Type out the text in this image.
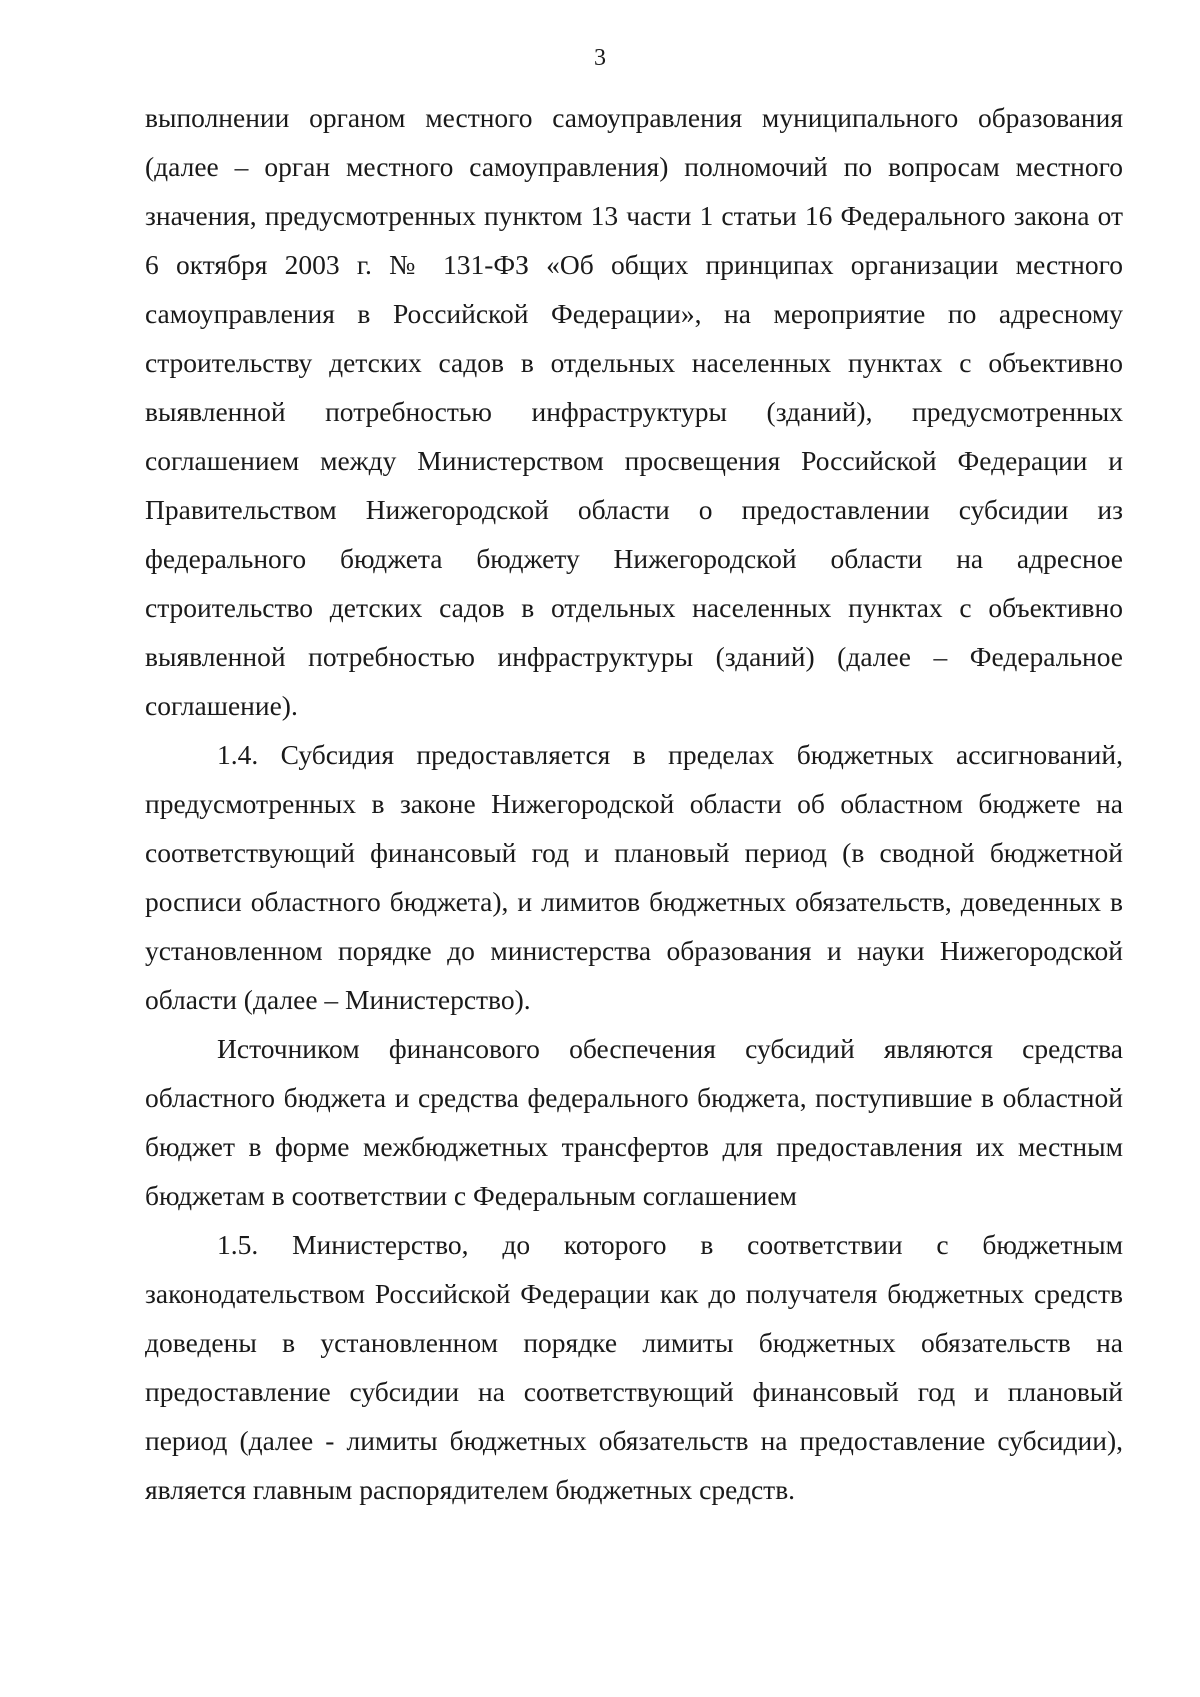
3

выполнении органом местного самоуправления муниципального образования (далее – орган местного самоуправления) полномочий по вопросам местного значения, предусмотренных пунктом 13 части 1 статьи 16 Федерального закона от 6 октября 2003 г. № 131-ФЗ «Об общих принципах организации местного самоуправления в Российской Федерации», на мероприятие по адресному строительству детских садов в отдельных населенных пунктах с объективно выявленной потребностью инфраструктуры (зданий), предусмотренных соглашением между Министерством просвещения Российской Федерации и Правительством Нижегородской области о предоставлении субсидии из федерального бюджета бюджету Нижегородской области на адресное строительство детских садов в отдельных населенных пунктах с объективно выявленной потребностью инфраструктуры (зданий) (далее – Федеральное соглашение).

1.4. Субсидия предоставляется в пределах бюджетных ассигнований, предусмотренных в законе Нижегородской области об областном бюджете на соответствующий финансовый год и плановый период (в сводной бюджетной росписи областного бюджета), и лимитов бюджетных обязательств, доведенных в установленном порядке до министерства образования и науки Нижегородской области (далее – Министерство).

Источником финансового обеспечения субсидий являются средства областного бюджета и средства федерального бюджета, поступившие в областной бюджет в форме межбюджетных трансфертов для предоставления их местным бюджетам в соответствии с Федеральным соглашением

1.5. Министерство, до которого в соответствии с бюджетным законодательством Российской Федерации как до получателя бюджетных средств доведены в установленном порядке лимиты бюджетных обязательств на предоставление субсидии на соответствующий финансовый год и плановый период (далее - лимиты бюджетных обязательств на предоставление субсидии), является главным распорядителем бюджетных средств.
